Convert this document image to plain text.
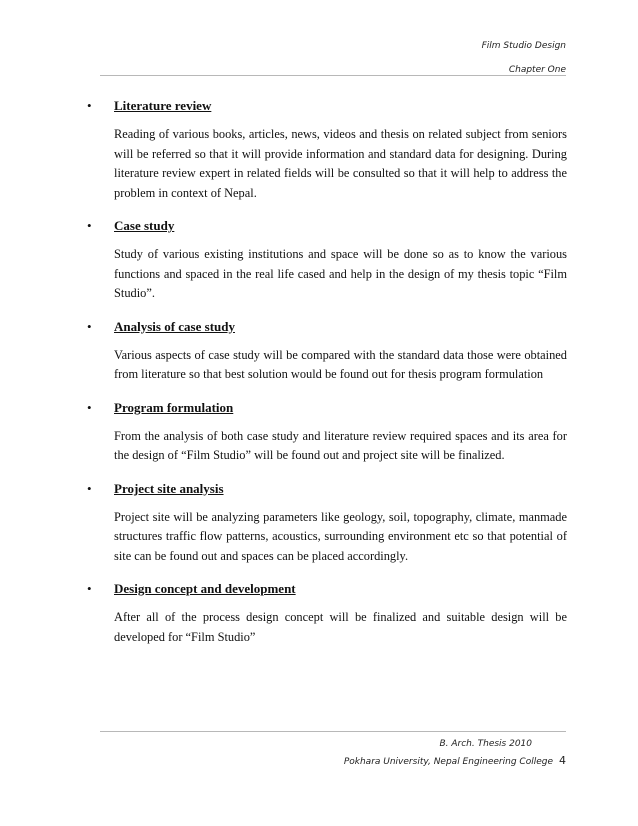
Film Studio Design
Chapter One
• Literature review
Reading of various books, articles, news, videos and thesis on related subject from seniors will be referred so that it will provide information and standard data for designing. During literature review expert in related fields will be consulted so that it will help to address the problem in context of Nepal.
• Case study
Study of various existing institutions and space will be done so as to know the various functions and spaced in the real life cased and help in the design of my thesis topic “Film Studio”.
• Analysis of case study
Various aspects of case study will be compared with the standard data those were obtained from literature so that best solution would be found out for thesis program formulation
• Program formulation
From the analysis of both case study and literature review required spaces and its area for the design of “Film Studio” will be found out and project site will be finalized.
• Project site analysis
Project site will be analyzing parameters like geology, soil, topography, climate, manmade structures traffic flow patterns, acoustics, surrounding environment etc so that potential of site can be found out and spaces can be placed accordingly.
• Design concept and development
After all of the process design concept will be finalized and suitable design will be developed for “Film Studio”
B. Arch. Thesis 2010
Pokhara University, Nepal Engineering College 4
